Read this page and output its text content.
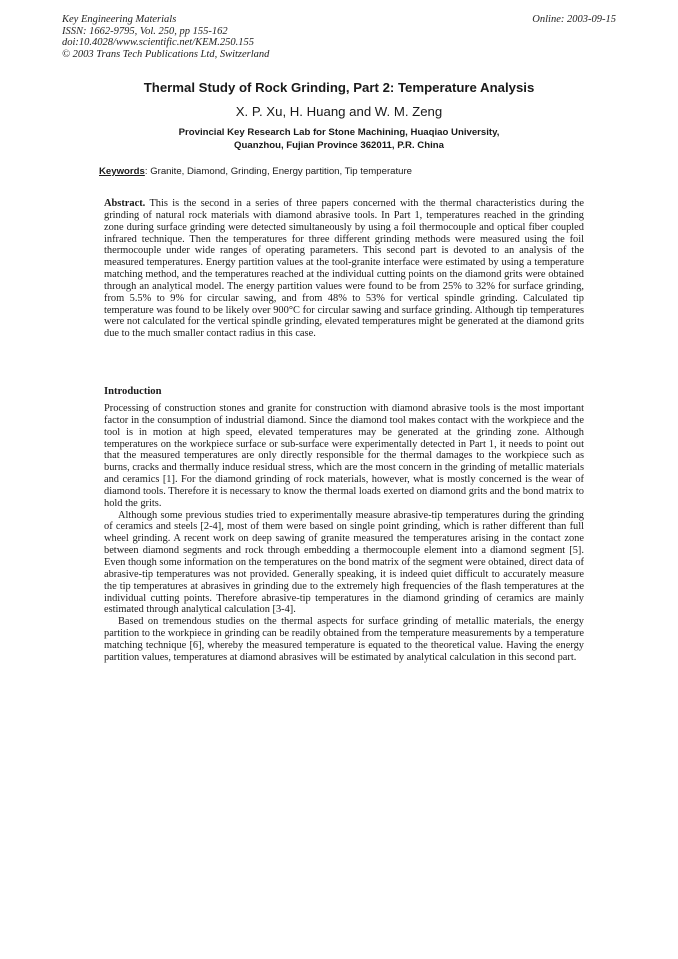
Key Engineering Materials
ISSN: 1662-9795, Vol. 250, pp 155-162
doi:10.4028/www.scientific.net/KEM.250.155
© 2003 Trans Tech Publications Ltd, Switzerland
Online: 2003-09-15
Thermal Study of Rock Grinding, Part 2: Temperature Analysis
X. P. Xu, H. Huang and W. M. Zeng
Provincial Key Research Lab for Stone Machining, Huaqiao University,
Quanzhou, Fujian Province 362011, P.R. China
Keywords: Granite, Diamond, Grinding, Energy partition, Tip temperature
Abstract. This is the second in a series of three papers concerned with the thermal characteristics during the grinding of natural rock materials with diamond abrasive tools. In Part 1, temperatures reached in the grinding zone during surface grinding were detected simultaneously by using a foil thermocouple and optical fiber coupled infrared technique. Then the temperatures for three different grinding methods were measured using the foil thermocouple under wide ranges of operating parameters. This second part is devoted to an analysis of the measured temperatures. Energy partition values at the tool-granite interface were estimated by using a temperature matching method, and the temperatures reached at the individual cutting points on the diamond grits were obtained through an analytical model. The energy partition values were found to be from 25% to 32% for surface grinding, from 5.5% to 9% for circular sawing, and from 48% to 53% for vertical spindle grinding. Calculated tip temperature was found to be likely over 900°C for circular sawing and surface grinding. Although tip temperatures were not calculated for the vertical spindle grinding, elevated temperatures might be generated at the diamond grits due to the much smaller contact radius in this case.
Introduction

Processing of construction stones and granite for construction with diamond abrasive tools is the most important factor in the consumption of industrial diamond. Since the diamond tool makes contact with the workpiece and the tool is in motion at high speed, elevated temperatures may be generated at the grinding zone. Although temperatures on the workpiece surface or sub-surface were experimentally detected in Part 1, it needs to point out that the measured temperatures are only directly responsible for the thermal damages to the workpiece such as burns, cracks and thermally induce residual stress, which are the most concern in the grinding of metallic materials and ceramics [1]. For the diamond grinding of rock materials, however, what is mostly concerned is the wear of diamond tools. Therefore it is necessary to know the thermal loads exerted on diamond grits and the bond matrix to hold the grits.

Although some previous studies tried to experimentally measure abrasive-tip temperatures during the grinding of ceramics and steels [2-4], most of them were based on single point grinding, which is rather different than full wheel grinding. A recent work on deep sawing of granite measured the temperatures arising in the contact zone between diamond segments and rock through embedding a thermocouple element into a diamond segment [5]. Even though some information on the temperatures on the bond matrix of the segment were obtained, direct data of abrasive-tip temperatures was not provided. Generally speaking, it is indeed quiet difficult to accurately measure the tip temperatures at abrasives in grinding due to the extremely high frequencies of the flash temperatures at the individual cutting points. Therefore abrasive-tip temperatures in the diamond grinding of ceramics are mainly estimated through analytical calculation [3-4].

Based on tremendous studies on the thermal aspects for surface grinding of metallic materials, the energy partition to the workpiece in grinding can be readily obtained from the temperature measurements by a temperature matching technique [6], whereby the measured temperature is equated to the theoretical value. Having the energy partition values, temperatures at diamond abrasives will be estimated by analytical calculation in this second part.
